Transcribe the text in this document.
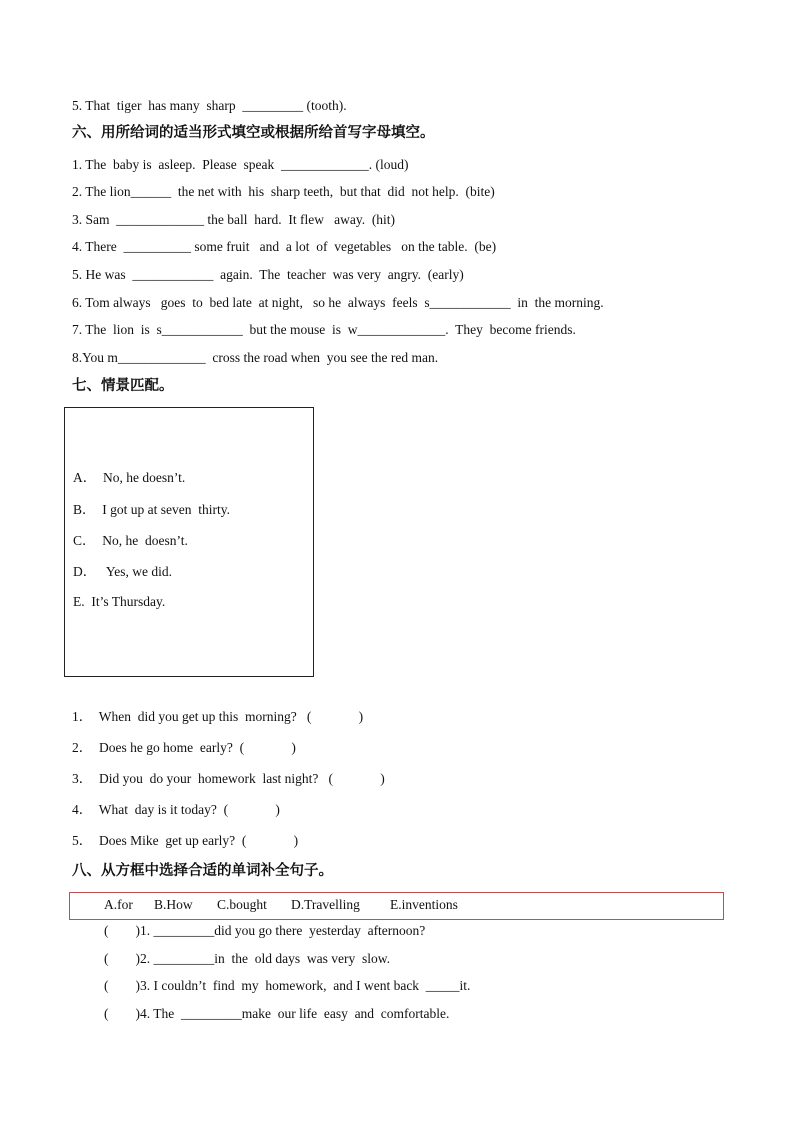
5. That  tiger  has many  sharp  _________ (tooth).
六、用所给词的适当形式填空或根据所给首写字母填空。
1. The  baby is  asleep.  Please  speak  _____________. (loud)
2. The lion______  the net with  his  sharp teeth,  but that  did  not help.  (bite)
3. Sam  _____________ the ball  hard.  It flew   away.  (hit)
4. There  __________ some fruit   and  a lot  of  vegetables   on the table.  (be)
5. He was  ____________  again.  The  teacher  was very  angry.  (early)
6. Tom always   goes  to  bed late  at night,   so he  always  feels  s____________  in  the morning.
7. The  lion  is  s____________  but the mouse  is  w_____________.  They  become friends.
8.You m_____________  cross the road when  you see the red man.
七、情景匹配。
A．  No, he doesn’t.
B．  I got up at seven  thirty.
C．  No, he  doesn’t.
D．   Yes, we did.
E.  It’s Thursday.
1．  When  did you get up this  morning?   (              )
2．  Does he go home  early?  (              )
3．  Did you  do your  homework  last night?   (              )
4．  What  day is it today?  (              )
5．  Does Mike  get up early?  (              )
八、从方框中选择合适的单词补全句子。
A.for B.How C.bought D.Travelling E.inventions
(        )1. _________did you go there  yesterday  afternoon?
(        )2. _________in  the  old days  was very  slow.
(        )3. I couldn’t  find  my  homework,  and I went back  _____it.
(        )4. The  _________make  our life  easy  and  comfortable.
